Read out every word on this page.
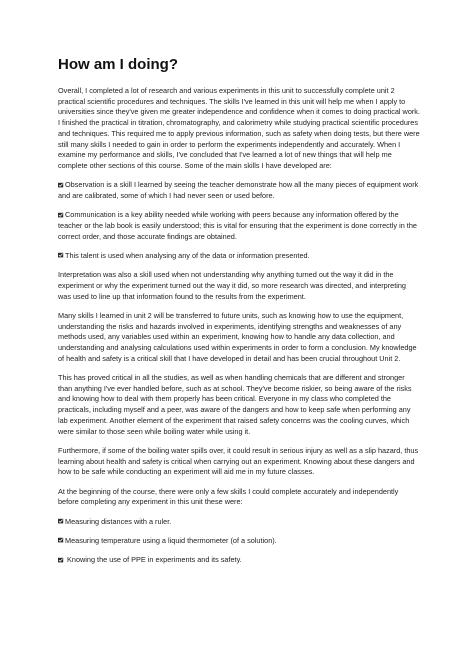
How am I doing?

Overall, I completed a lot of research and various experiments in this unit to successfully complete unit 2 practical scientific procedures and techniques. The skills I've learned in this unit will help me when I apply to universities since they've given me greater independence and confidence when it comes to doing practical work. I finished the practical in titration, chromatography, and calorimetry while studying practical scientific procedures and techniques. This required me to apply previous information, such as safety when doing tests, but there were still many skills I needed to gain in order to perform the experiments independently and accurately. When I examine my performance and skills, I've concluded that I've learned a lot of new things that will help me complete other sections of this course. Some of the main skills I have developed are:

Observation is a skill I learned by seeing the teacher demonstrate how all the many pieces of equipment work and are calibrated, some of which I had never seen or used before.
Communication is a key ability needed while working with peers because any information offered by the teacher or the lab book is easily understood; this is vital for ensuring that the experiment is done correctly in the correct order, and those accurate findings are obtained.
This talent is used when analysing any of the data or information presented.

Interpretation was also a skill used when not understanding why anything turned out the way it did in the experiment or why the experiment turned out the way it did, so more research was directed, and interpreting was used to line up that information found to the results from the experiment.

Many skills I learned in unit 2 will be transferred to future units, such as knowing how to use the equipment, understanding the risks and hazards involved in experiments, identifying strengths and weaknesses of any methods used, any variables used within an experiment, knowing how to handle any data collection, and understanding and analysing calculations used within experiments in order to form a conclusion. My knowledge of health and safety is a critical skill that I have developed in detail and has been crucial throughout Unit 2.

This has proved critical in all the studies, as well as when handling chemicals that are different and stronger than anything I've ever handled before, such as at school. They've become riskier, so being aware of the risks and knowing how to deal with them properly has been critical. Everyone in my class who completed the practicals, including myself and a peer, was aware of the dangers and how to keep safe when performing any lab experiment. Another element of the experiment that raised safety concerns was the cooling curves, which were similar to those seen while boiling water while using it.

Furthermore, if some of the boiling water spills over, it could result in serious injury as well as a slip hazard, thus learning about health and safety is critical when carrying out an experiment. Knowing about these dangers and how to be safe while conducting an experiment will aid me in my future classes.

At the beginning of the course, there were only a few skills I could complete accurately and independently before completing any experiment in this unit these were:

Measuring distances with a ruler.
Measuring temperature using a liquid thermometer (of a solution).
Knowing the use of PPE in experiments and its safety.
